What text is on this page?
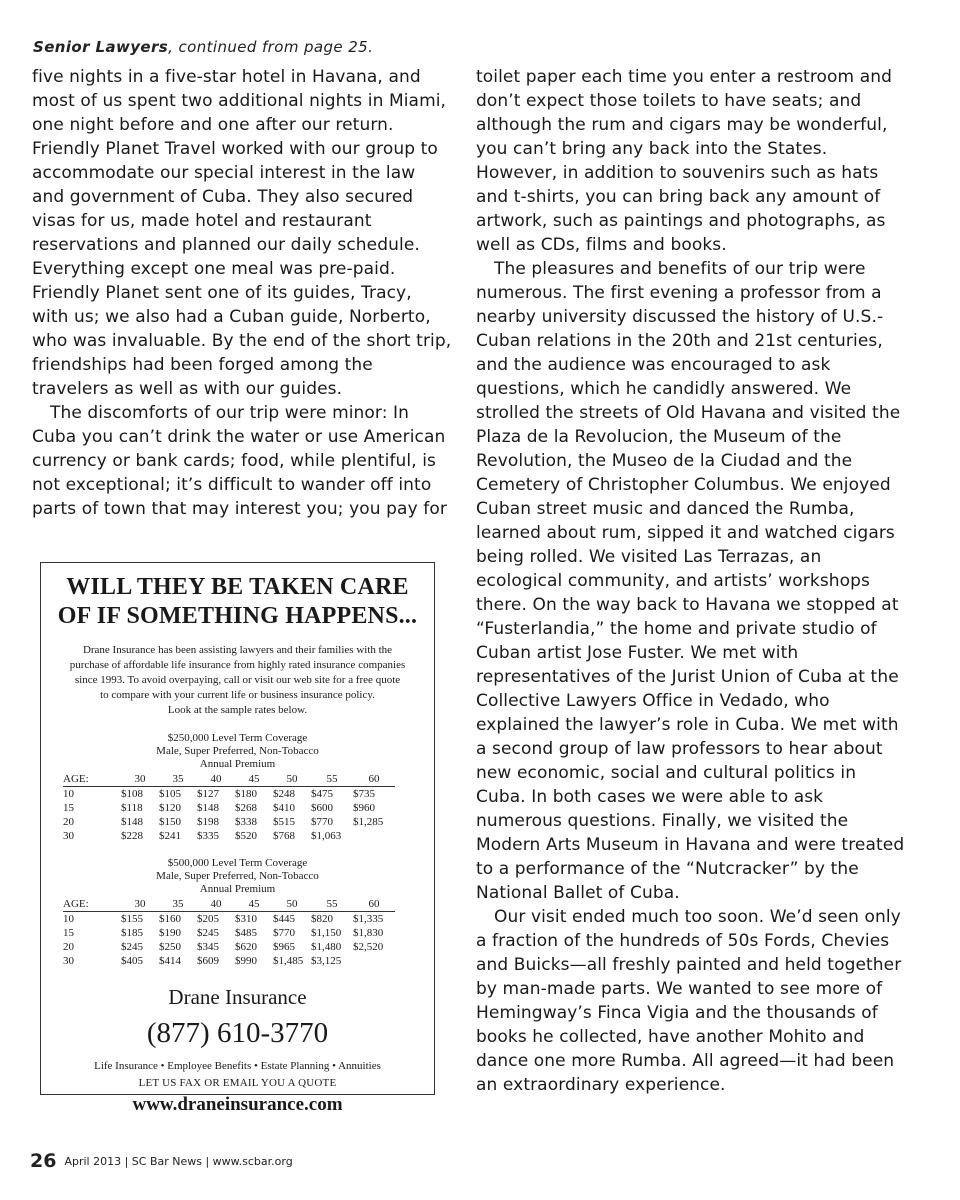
Senior Lawyers, continued from page 25.

five nights in a five-star hotel in Havana, and most of us spent two additional nights in Miami, one night before and one after our return. Friendly Planet Travel worked with our group to accommodate our special interest in the law and government of Cuba. They also secured visas for us, made hotel and restaurant reservations and planned our daily schedule. Everything except one meal was pre-paid. Friendly Planet sent one of its guides, Tracy, with us; we also had a Cuban guide, Norberto, who was invaluable. By the end of the short trip, friendships had been forged among the travelers as well as with our guides.

The discomforts of our trip were minor: In Cuba you can’t drink the water or use American currency or bank cards; food, while plentiful, is not exceptional; it’s difficult to wander off into parts of town that may interest you; you pay for

WILL THEY BE TAKEN CARE
OF IF SOMETHING HAPPENS...
Drane Insurance has been assisting lawyers and their families with the
purchase of affordable life insurance from highly rated insurance companies
since 1993. To avoid overpaying, call or visit our web site for a free quote
to compare with your current life or business insurance policy.
Look at the sample rates below.
$250,000 Level Term Coverage
Male, Super Preferred, Non-Tobacco
Annual Premium
AGE:	30	35	40	45	50	55	60
10	$108	$105	$127	$180	$248	$475	$735
15	$118	$120	$148	$268	$410	$600	$960
20	$148	$150	$198	$338	$515	$770	$1,285
30	$228	$241	$335	$520	$768	$1,063	
$500,000 Level Term Coverage
Male, Super Preferred, Non-Tobacco
Annual Premium
AGE:	30	35	40	45	50	55	60
10	$155	$160	$205	$310	$445	$820	$1,335
15	$185	$190	$245	$485	$770	$1,150	$1,830
20	$245	$250	$345	$620	$965	$1,480	$2,520
30	$405	$414	$609	$990	$1,485	$3,125	
Drane Insurance
(877) 610-3770
Life Insurance • Employee Benefits • Estate Planning • Annuities
LET US FAX OR EMAIL YOU A QUOTE
www.draneinsurance.com

toilet paper each time you enter a restroom and don’t expect those toilets to have seats; and although the rum and cigars may be wonderful, you can’t bring any back into the States. However, in addition to souvenirs such as hats and t-shirts, you can bring back any amount of artwork, such as paintings and photographs, as well as CDs, films and books.

The pleasures and benefits of our trip were numerous. The first evening a professor from a nearby university discussed the history of U.S.-Cuban relations in the 20th and 21st centuries, and the audience was encouraged to ask questions, which he candidly answered. We strolled the streets of Old Havana and visited the Plaza de la Revolucion, the Museum of the Revolution, the Museo de la Ciudad and the Cemetery of Christopher Columbus. We enjoyed Cuban street music and danced the Rumba, learned about rum, sipped it and watched cigars being rolled. We visited Las Terrazas, an ecological community, and artists’ workshops there. On the way back to Havana we stopped at “Fusterlandia,” the home and private studio of Cuban artist Jose Fuster. We met with representatives of the Jurist Union of Cuba at the Collective Lawyers Office in Vedado, who explained the lawyer’s role in Cuba. We met with a second group of law professors to hear about new economic, social and cultural politics in Cuba. In both cases we were able to ask numerous questions. Finally, we visited the Modern Arts Museum in Havana and were treated to a performance of the “Nutcracker” by the National Ballet of Cuba.

Our visit ended much too soon. We’d seen only a fraction of the hundreds of 50s Fords, Chevies and Buicks—all freshly painted and held together by man-made parts. We wanted to see more of Hemingway’s Finca Vigia and the thousands of books he collected, have another Mohito and dance one more Rumba. All agreed—it had been an extraordinary experience.

26 April 2013 | SC Bar News | www.scbar.org
